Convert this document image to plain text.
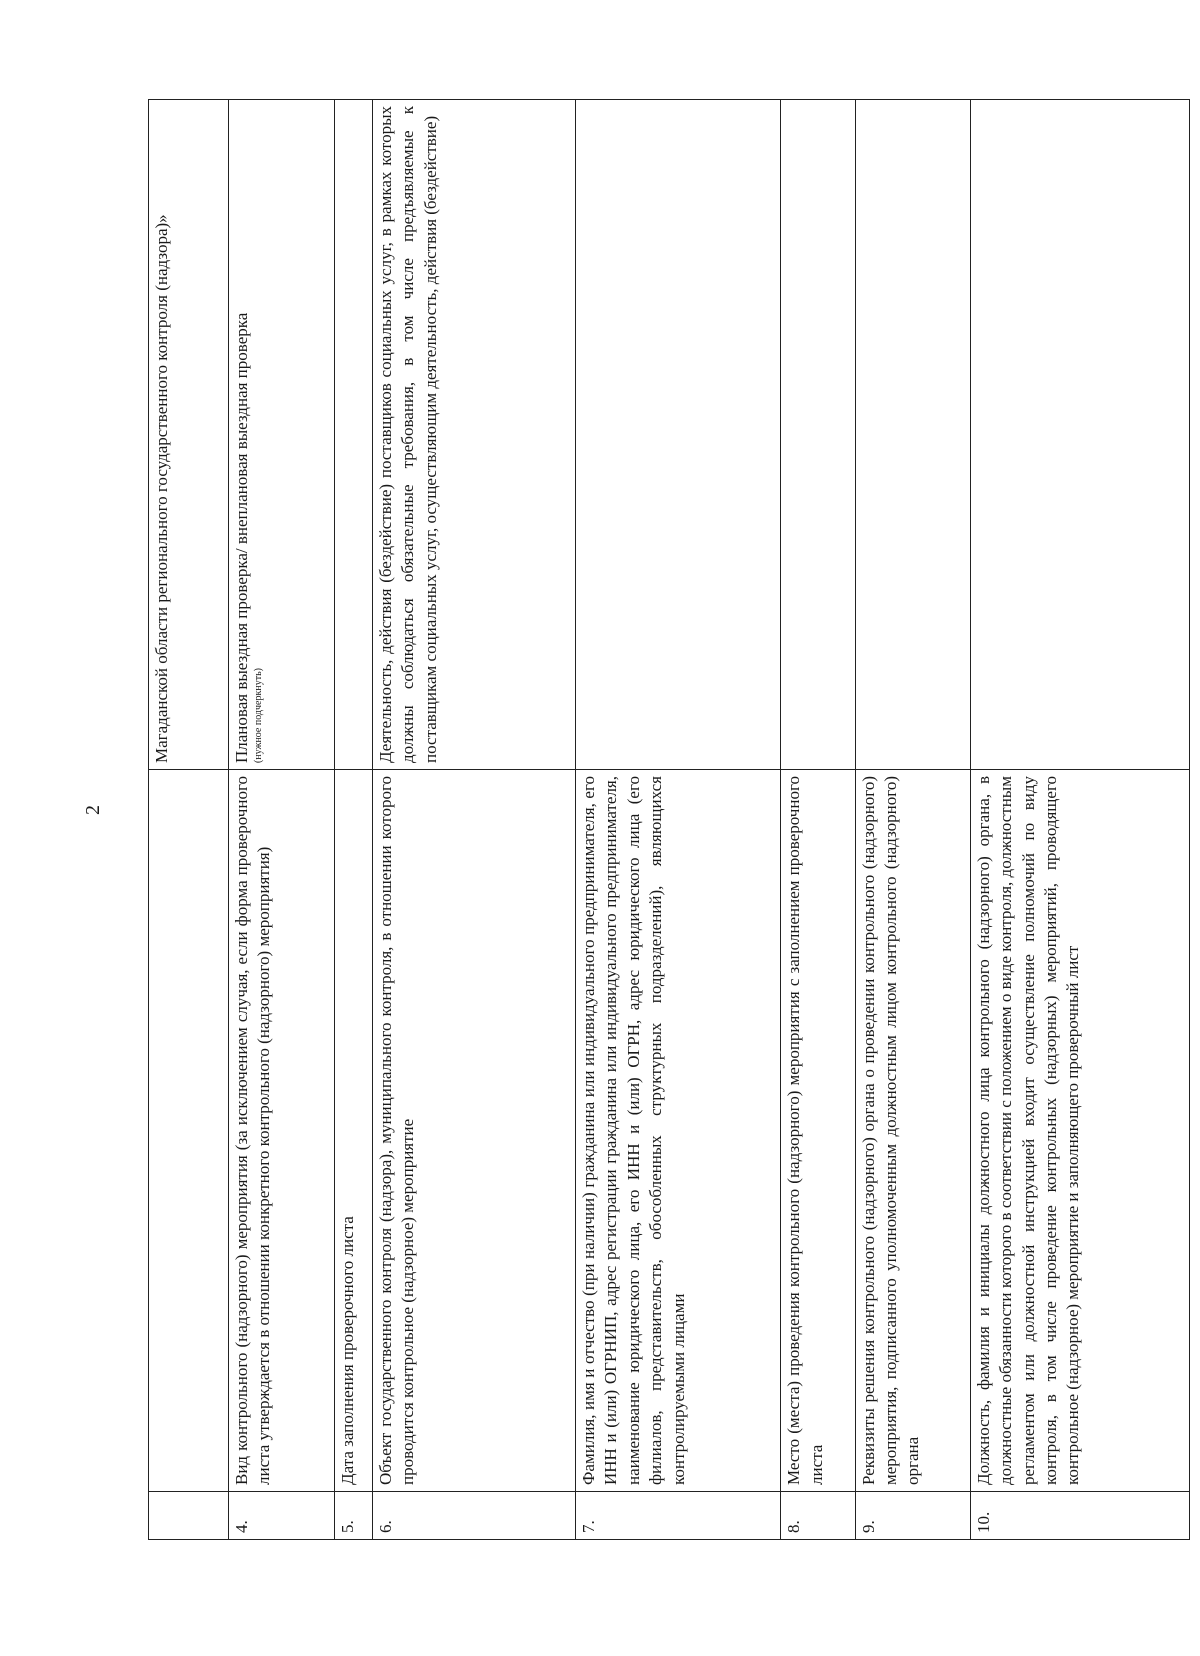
2
		Магаданской области регионального государственного контроля (надзора)»
4.	Вид контрольного (надзорного) мероприятия (за исключением случая, если форма проверочного листа утверждается в отношении конкретного контрольного (надзорного) мероприятия)	Плановая выездная проверка/ внеплановая выездная проверка (нужное подчеркнуть)

5.	Дата заполнения проверочного листа	
6.	Объект государственного контроля (надзора), муниципального контроля, в отношении которого проводится контрольное (надзорное) мероприятие	Деятельность, действия (бездействие) поставщиков социальных услуг, в рамках которых должны соблюдаться обязательные требования, в том числе предъявляемые к поставщикам социальных услуг, осуществляющим деятельность, действия (бездействие)
7.	Фамилия, имя и отчество (при наличии) гражданина или индивидуального предпринимателя, его ИНН и (или) ОГРНИП, адрес регистрации гражданина или индивидуального предпринимателя, наименование юридического лица, его ИНН и (или) ОГРН, адрес юридического лица (его филиалов, представительств, обособленных структурных подразделений), являющихся контролируемыми лицами	
8.	Место (места) проведения контрольного (надзорного) мероприятия с заполнением проверочного листа	
9.	Реквизиты решения контрольного (надзорного) органа о проведении контрольного (надзорного) мероприятия, подписанного уполномоченным должностным лицом контрольного (надзорного) органа	
10.	Должность, фамилия и инициалы должностного лица контрольного (надзорного) органа, в должностные обязанности которого в соответствии с положением о виде контроля, должностным регламентом или должностной инструкцией входит осуществление полномочий по виду контроля, в том числе проведение контрольных (надзорных) мероприятий, проводящего контрольное (надзорное) мероприятие и заполняющего проверочный лист	
